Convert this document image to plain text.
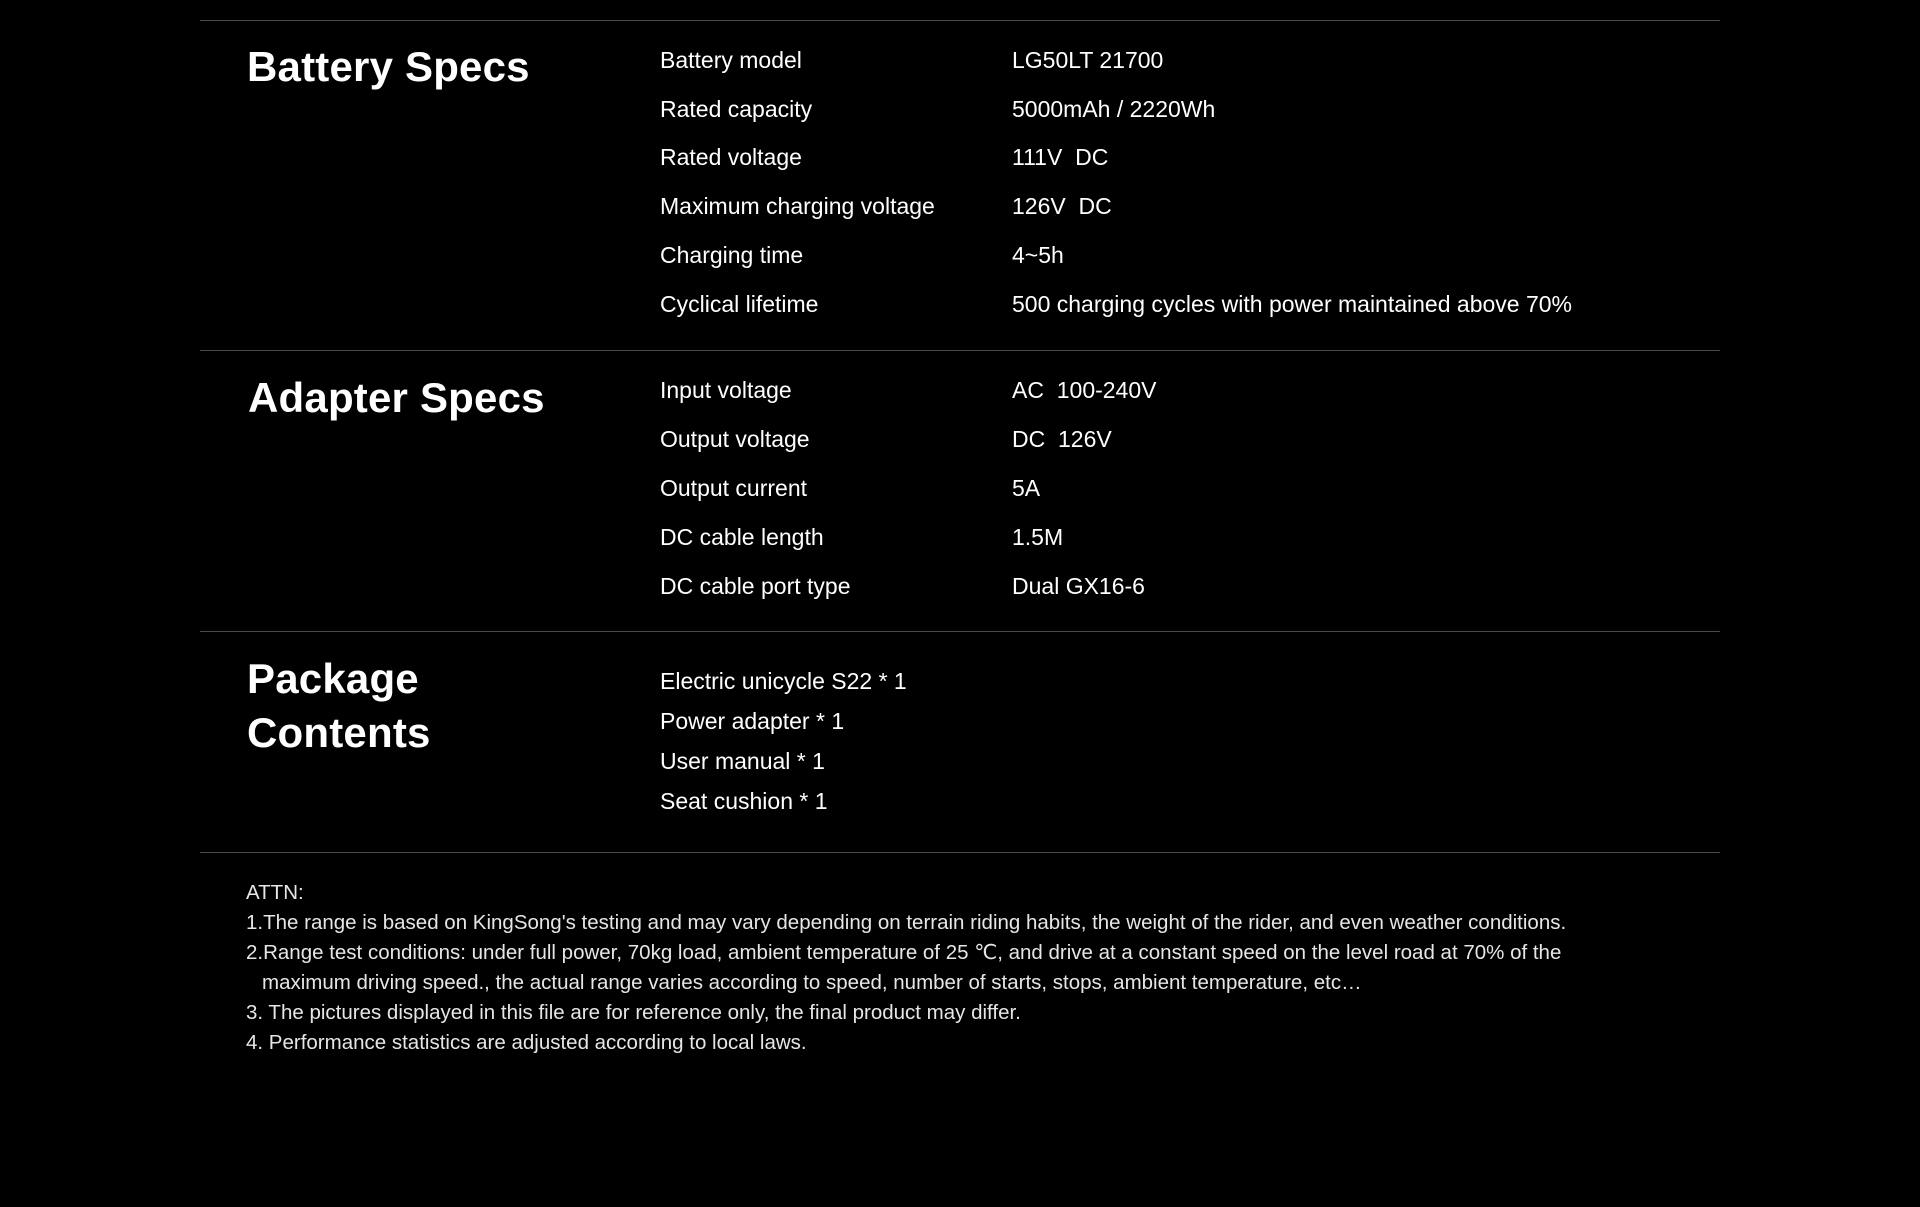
Battery Specs	Battery model	LG50LT 21700
Rated capacity	5000mAh / 2220Wh
Rated voltage	111V  DC
Maximum charging voltage	126V  DC
Charging time	4~5h
Cyclical lifetime	500 charging cycles with power maintained above 70%
Adapter Specs	Input voltage	AC  100-240V
Output voltage	DC  126V
Output current	5A
DC cable length	1.5M
DC cable port type	Dual GX16-6
Package
Contents
Electric unicycle S22 * 1
Power adapter * 1
User manual * 1
Seat cushion * 1
ATTN:
1.The range is based on KingSong's testing and may vary depending on terrain riding habits, the weight of the rider, and even weather conditions.
2.Range test conditions: under full power, 70kg load, ambient temperature of 25 ℃, and drive at a constant speed on the level road at 70% of the
maximum driving speed., the actual range varies according to speed, number of starts, stops, ambient temperature, etc…
3. The pictures displayed in this file are for reference only, the final product may differ.
4. Performance statistics are adjusted according to local laws.
